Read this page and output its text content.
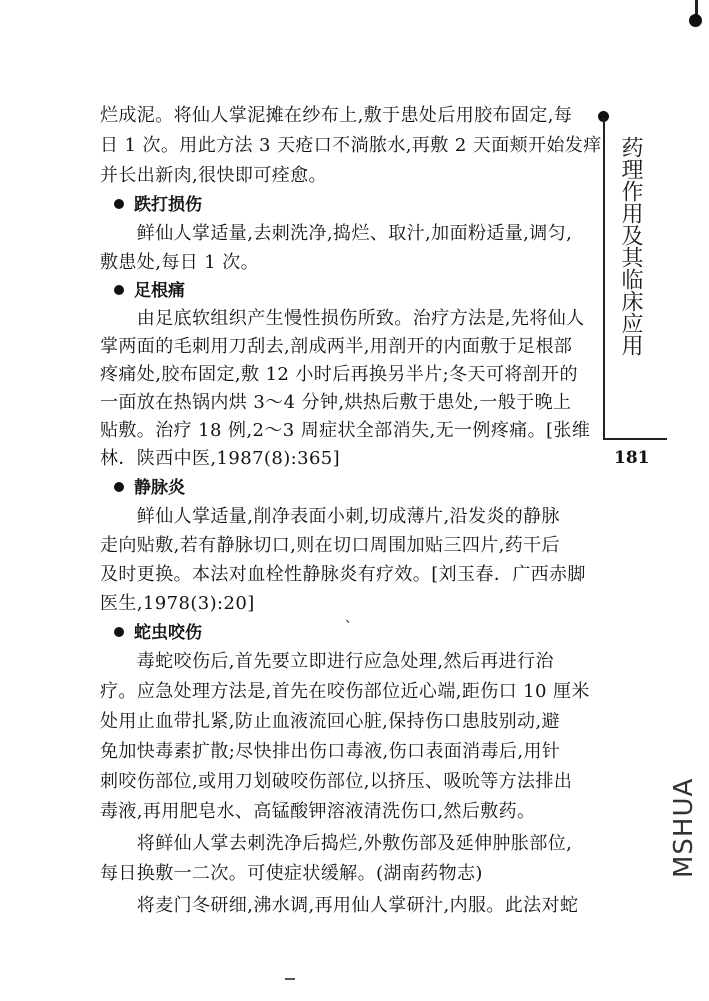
药理作用及其临床应用
181
烂成泥。将仙人掌泥摊在纱布上,敷于患处后用胶布固定,每
日 1 次。用此方法 3 天疮口不淌脓水,再敷 2 天面颊开始发痒
并长出新肉,很快即可痊愈。
跌打损伤
　　鲜仙人掌适量,去刺洗净,捣烂、取汁,加面粉适量,调匀,
敷患处,每日 1 次。
足根痛
　　由足底软组织产生慢性损伤所致。治疗方法是,先将仙人
掌两面的毛刺用刀刮去,剖成两半,用剖开的内面敷于足根部
疼痛处,胶布固定,敷 12 小时后再换另半片;冬天可将剖开的
一面放在热锅内烘 3～4 分钟,烘热后敷于患处,一般于晚上
贴敷。治疗 18 例,2～3 周症状全部消失,无一例疼痛。[张维
林．陕西中医,1987(8):365]
静脉炎
　　鲜仙人掌适量,削净表面小刺,切成薄片,沿发炎的静脉
走向贴敷,若有静脉切口,则在切口周围加贴三四片,药干后
及时更换。本法对血栓性静脉炎有疗效。[刘玉春．广西赤脚
医生,1978(3):20]
蛇虫咬伤
　　毒蛇咬伤后,首先要立即进行应急处理,然后再进行治
疗。应急处理方法是,首先在咬伤部位近心端,距伤口 10 厘米
处用止血带扎紧,防止血液流回心脏,保持伤口患肢别动,避
免加快毒素扩散;尽快排出伤口毒液,伤口表面消毒后,用针
刺咬伤部位,或用刀划破咬伤部位,以挤压、吸吮等方法排出
毒液,再用肥皂水、高锰酸钾溶液清洗伤口,然后敷药。
　　将鲜仙人掌去刺洗净后捣烂,外敷伤部及延伸肿胀部位,
每日换敷一二次。可使症状缓解。(湖南药物志)
　　将麦门冬研细,沸水调,再用仙人掌研汁,内服。此法对蛇
、
MSHUA
